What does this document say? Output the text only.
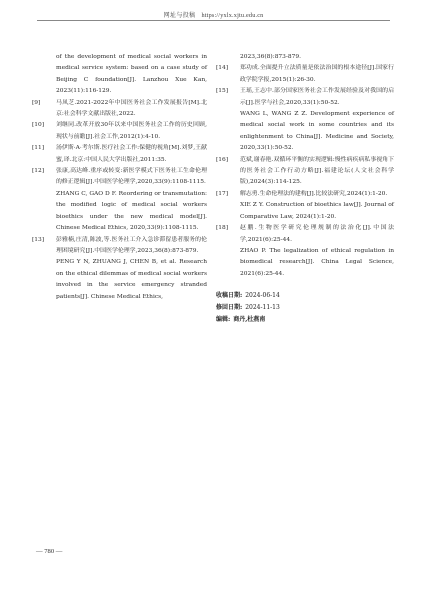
网址与投稿 https://yxlx.xjtu.edu.cn
of the development of medical social workers in medical service system: based on a case study of Beijing C foundation[J]. Lanzhou Xue Kan, 2023(11):116-129.
[9]	马凤芝.2021-2022年中国医务社会工作发展报告[M].北京:社会科学文献出版社,2022.
[10] 刘继同.改革开放30年以来中国医务社会工作的历史回顾,现状与前瞻[J].社会工作,2012(1):4-10.
[11] 汤伊斯·A·考尔斯.医疗社会工作:保健的视角[M].刘梦,王献蜜,译.北京:中国人民大学出版社,2011:35.
[12] 张康,高达峰.重序或转变:新医学模式下医务社工生命伦理的修正逻辑[J].中国医学伦理学,2020,33(9):1108-1115.
ZHANG C, GAO D F. Reordering or transmutation: the modified logic of medical social workers bioethics under the new medical model[J]. Chinese Medical Ethics, 2020,33(9):1108-1115.
[13] 彭雅楠,庄清,陈波,等.医务社工介入急诊滞留患者服务的伦理困境研究[J].中国医学伦理学,2023,36(8):873-879.
PENG Y N, ZHUANG J, CHEN B, et al. Research on the ethical dilemmas of medical social workers involved in the service emergency stranded patients[J]. Chinese Medical Ethics,
2023,36(8):873-879.
[14] 郑功成.全面提升立法质量是依法治国的根本途径[J].国家行政学院学报,2015(1):26-30.
[15] 王瑶,王志中.部分国家医务社会工作发展经验及对我国的启示[J].医学与社会,2020,33(1):50-52.
WANG L, WANG Z Z. Development experience of medical social work in some countries and its enlightenment to China[J]. Medicine and Society, 2020,33(1):50-52.
[16] 范斌,谢春艳.双循环平衡的实现逻辑:慢性病疾病私事视角下的医务社会工作行动方略[J].福建论坛(人文社会科学版),2024(3):114-125.
[17] 解志勇.生命伦理法的建构[J].比较法研究,2024(1):1-20.
XIE Z Y. Construction of bioethics law[J]. Journal of Comparative Law, 2024(1):1-20.
[18] 赵鹏.生物医学研究伦理规制的法治化[J].中国法学,2021(6):25-44.
ZHAO P. The legalization of ethical regulation in biomedical research[J]. China Legal Science, 2021(6):25-44.
收稿日期: 2024-06-14
修回日期: 2024-11-13
编辑: 商丹,杜燕南
— 780 —
